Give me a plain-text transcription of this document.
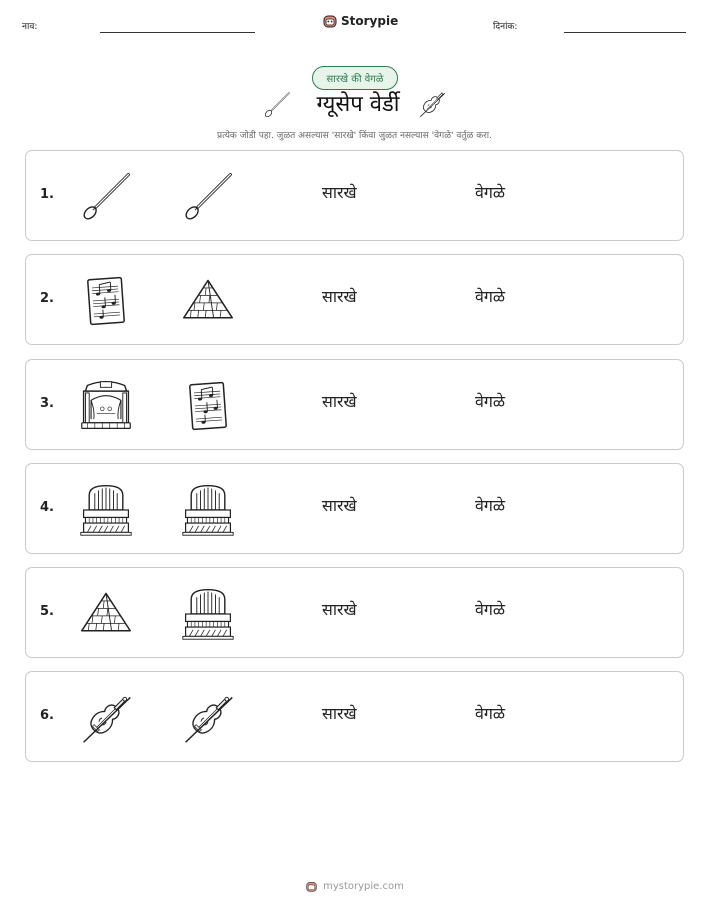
नाव:	Storypie	दिनांक:
सारखे की वेगळे
ग्यूसेप वेर्डी
प्रत्येक जोडी पहा. जुळत असल्यास 'सारखे' किंवा जुळत नसल्यास 'वेगळे' वर्तुळ करा.
1.	सारखे	वेगळे
2.	सारखे	वेगळे
3.	सारखे	वेगळे
4.	सारखे	वेगळे
5.	सारखे	वेगळे
6.	सारखे	वेगळे
mystorypie.com
